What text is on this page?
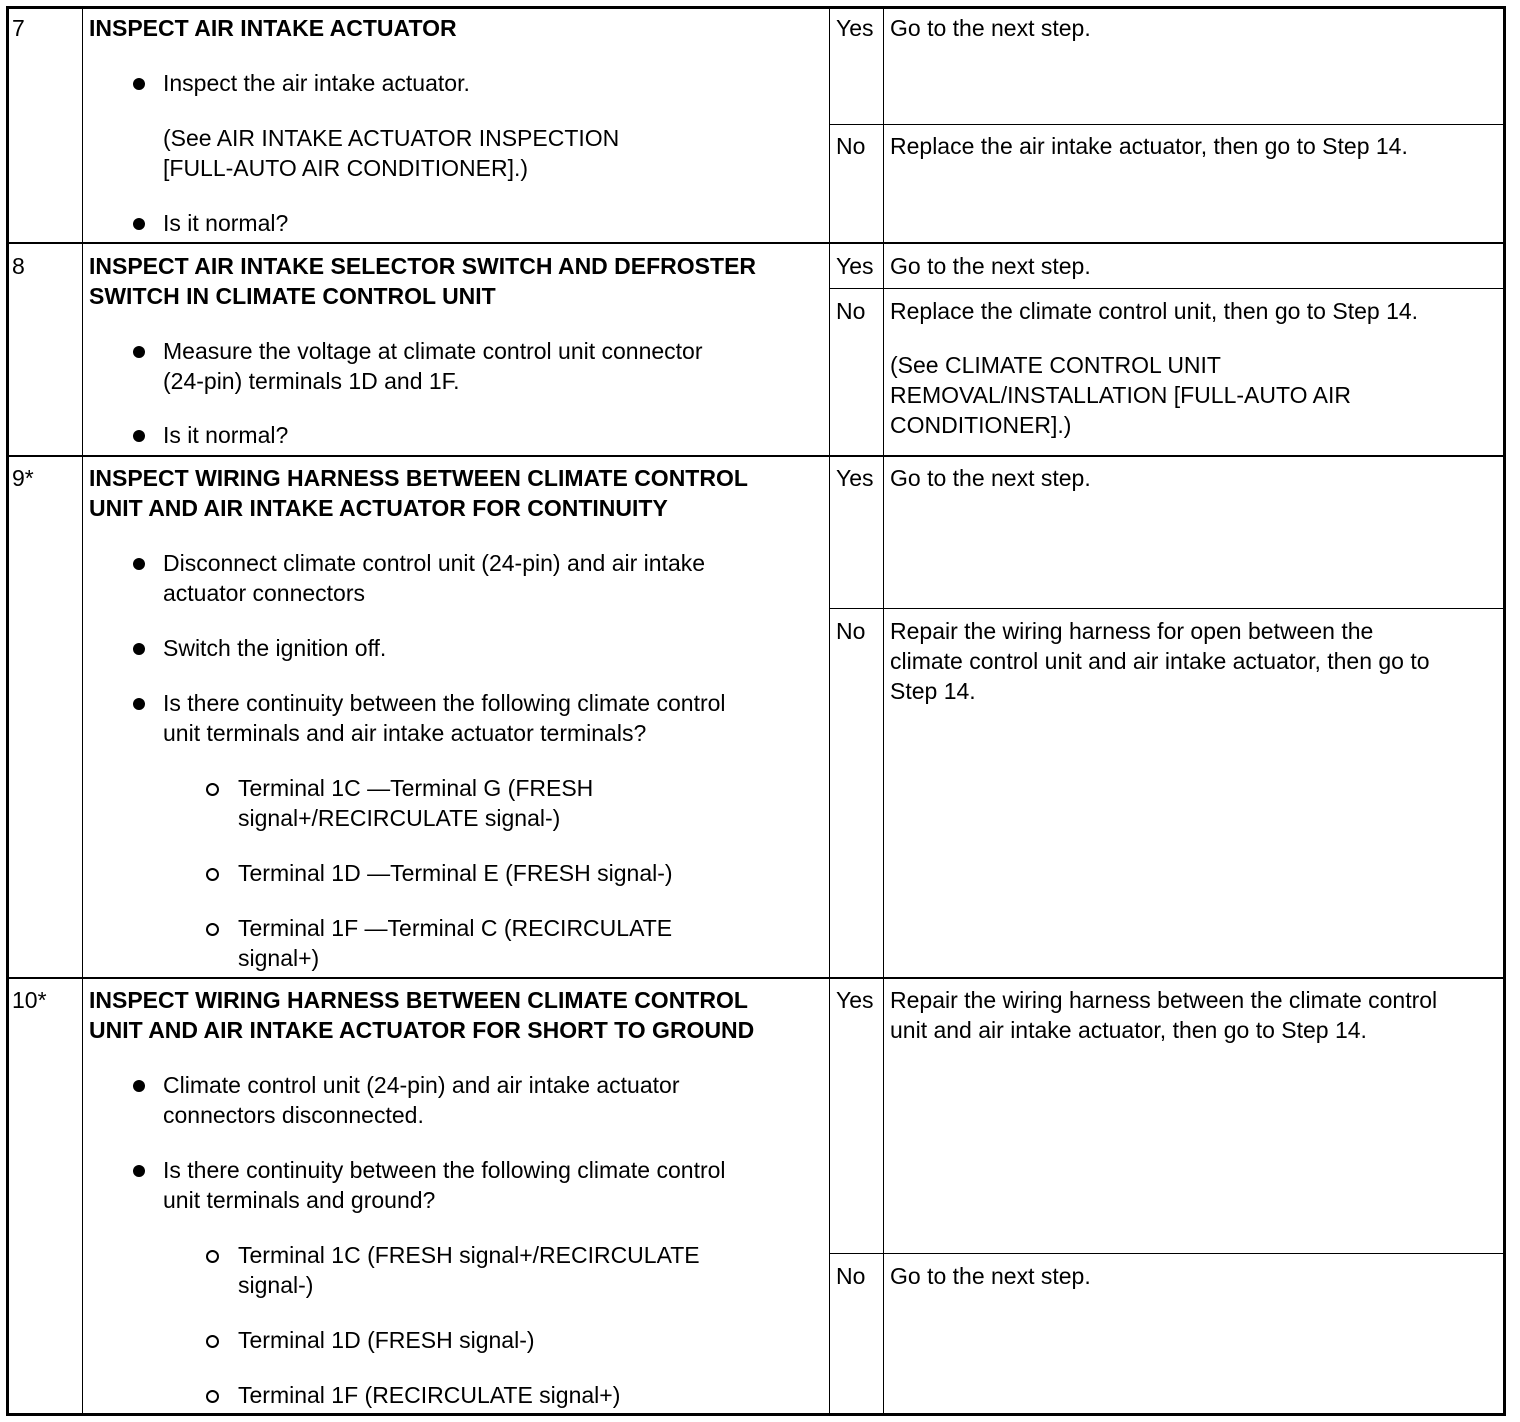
7	INSPECT AIR INTAKE ACTUATOR
Inspect the air intake actuator.
(See AIR INTAKE ACTUATOR INSPECTION
[FULL-AUTO AIR CONDITIONER].)
Is it normal?
Yes Go to the next step.
No Replace the air intake actuator, then go to Step 14.
8	INSPECT AIR INTAKE SELECTOR SWITCH AND DEFROSTER
SWITCH IN CLIMATE CONTROL UNIT
Measure the voltage at climate control unit connector
(24-pin) terminals 1D and 1F.
Is it normal?
Yes Go to the next step.
No Replace the climate control unit, then go to Step 14.
(See CLIMATE CONTROL UNIT
REMOVAL/INSTALLATION [FULL-AUTO AIR
CONDITIONER].)
9* INSPECT WIRING HARNESS BETWEEN CLIMATE CONTROL
UNIT AND AIR INTAKE ACTUATOR FOR CONTINUITY
Disconnect climate control unit (24-pin) and air intake
actuator connectors
Switch the ignition off.
Is there continuity between the following climate control
unit terminals and air intake actuator terminals?
Terminal 1C —Terminal G (FRESH
signal+/RECIRCULATE signal-)
Terminal 1D —Terminal E (FRESH signal-)
Terminal 1F —Terminal C (RECIRCULATE
signal+)
Yes Go to the next step.
No Repair the wiring harness for open between the
climate control unit and air intake actuator, then go to
Step 14.
10* INSPECT WIRING HARNESS BETWEEN CLIMATE CONTROL
UNIT AND AIR INTAKE ACTUATOR FOR SHORT TO GROUND
Climate control unit (24-pin) and air intake actuator
connectors disconnected.
Is there continuity between the following climate control
unit terminals and ground?
Terminal 1C (FRESH signal+/RECIRCULATE
signal-)
Terminal 1D (FRESH signal-)
Terminal 1F (RECIRCULATE signal+)
Yes Repair the wiring harness between the climate control
unit and air intake actuator, then go to Step 14.
No Go to the next step.
